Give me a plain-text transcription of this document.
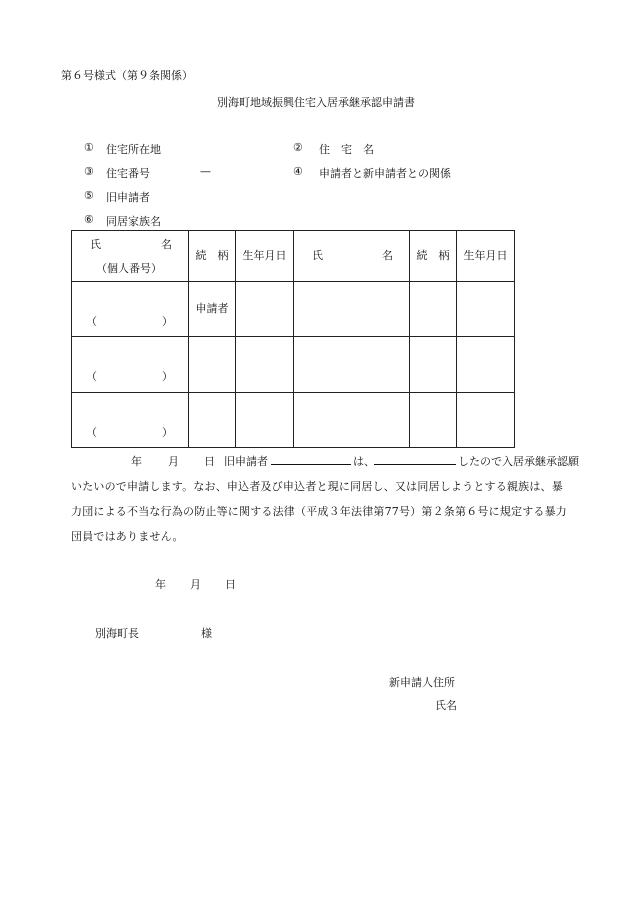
第６号様式（第９条関係）
別海町地域振興住宅入居承継承認申請書
① 住宅所在地	② 住　宅　名
③ 住宅番号	—	④ 申請者と新申請者との関係
⑤ 旧申請者
⑥ 同居家族名
氏 名
（個人番号）	続　柄	生年月日	氏 名	続　柄	生年月日

（ ）	申請者				

（ ）					

（ ）					

年 月 日 旧申請者	は、	したので入居承継承認願
いたいので申請します。なお、申込者及び申込者と現に同居し、又は同居しようとする親族は、暴
力団による不当な行為の防止等に関する法律（平成３年法律第77号）第２条第６号に規定する暴力
団員ではありません。
年 月 日
別海町長	様
新申請人住所
氏名
